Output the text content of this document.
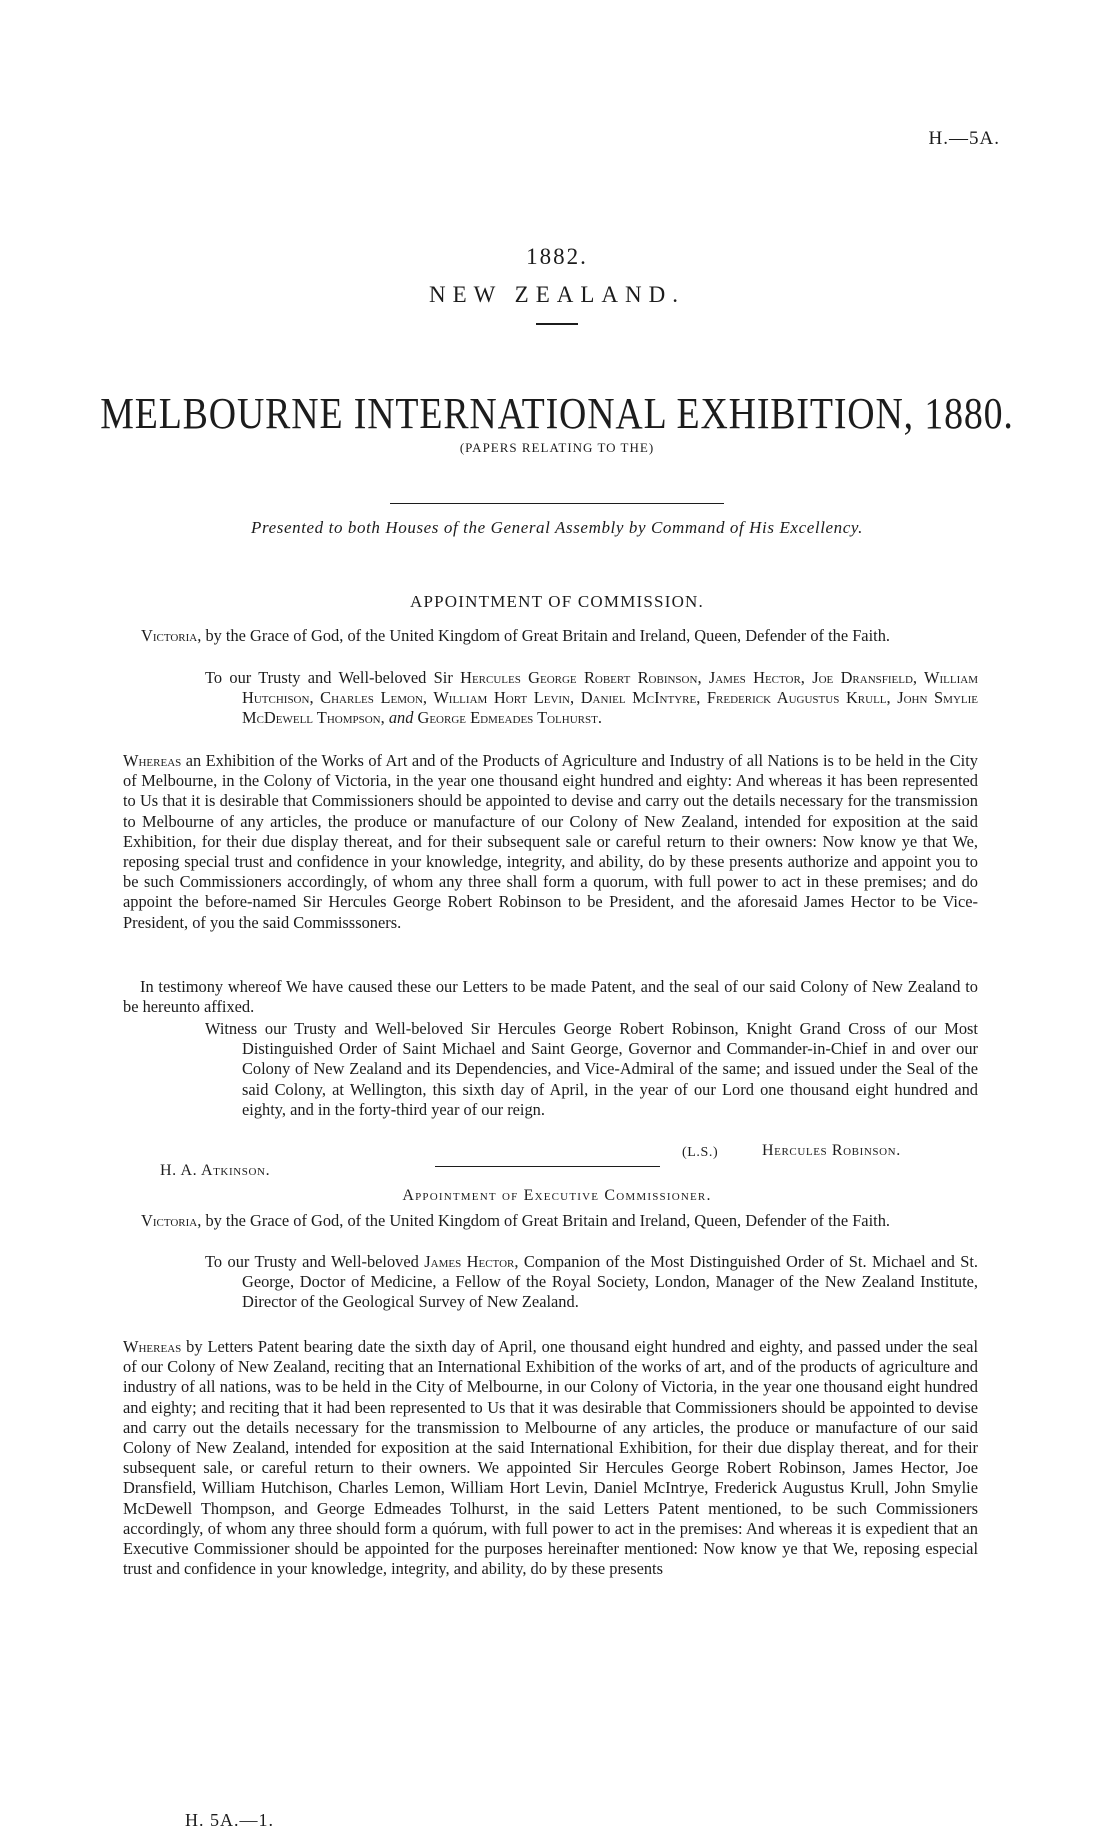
H.—5A.
1882.
NEW ZEALAND.
MELBOURNE INTERNATIONAL EXHIBITION, 1880.
(PAPERS RELATING TO THE)
Presented to both Houses of the General Assembly by Command of His Excellency.
APPOINTMENT OF COMMISSION.
Victoria, by the Grace of God, of the United Kingdom of Great Britain and Ireland, Queen, Defender of the Faith.
To our Trusty and Well-beloved Sir Hercules George Robert Robinson, James Hector, Joe Dransfield, William Hutchison, Charles Lemon, William Hort Levin, Daniel McIntyre, Frederick Augustus Krull, John Smylie McDewell Thompson, and George Edmeades Tolhurst.
Whereas an Exhibition of the Works of Art and of the Products of Agriculture and Industry of all Nations is to be held in the City of Melbourne, in the Colony of Victoria, in the year one thousand eight hundred and eighty: And whereas it has been represented to Us that it is desirable that Commissioners should be appointed to devise and carry out the details necessary for the transmission to Melbourne of any articles, the produce or manufacture of our Colony of New Zealand, intended for exposition at the said Exhibition, for their due display thereat, and for their subsequent sale or careful return to their owners: Now know ye that We, reposing special trust and confidence in your knowledge, integrity, and ability, do by these presents authorize and appoint you to be such Commissioners accordingly, of whom any three shall form a quorum, with full power to act in these premises; and do appoint the before-named Sir Hercules George Robert Robinson to be President, and the aforesaid James Hector to be Vice-President, of you the said Commisssoners.
In testimony whereof We have caused these our Letters to be made Patent, and the seal of our said Colony of New Zealand to be hereunto affixed.
Witness our Trusty and Well-beloved Sir Hercules George Robert Robinson, Knight Grand Cross of our Most Distinguished Order of Saint Michael and Saint George, Governor and Commander-in-Chief in and over our Colony of New Zealand and its Dependencies, and Vice-Admiral of the same; and issued under the Seal of the said Colony, at Wellington, this sixth day of April, in the year of our Lord one thousand eight hundred and eighty, and in the forty-third year of our reign.
(L.S.)	Hercules Robinson.
H. A. Atkinson.
Appointment of Executive Commissioner.
Victoria, by the Grace of God, of the United Kingdom of Great Britain and Ireland, Queen, Defender of the Faith.
To our Trusty and Well-beloved James Hector, Companion of the Most Distinguished Order of St. Michael and St. George, Doctor of Medicine, a Fellow of the Royal Society, London, Manager of the New Zealand Institute, Director of the Geological Survey of New Zealand.
Whereas by Letters Patent bearing date the sixth day of April, one thousand eight hundred and eighty, and passed under the seal of our Colony of New Zealand, reciting that an International Exhibition of the works of art, and of the products of agriculture and industry of all nations, was to be held in the City of Melbourne, in our Colony of Victoria, in the year one thousand eight hundred and eighty; and reciting that it had been represented to Us that it was desirable that Commissioners should be appointed to devise and carry out the details necessary for the transmission to Melbourne of any articles, the produce or manufacture of our said Colony of New Zealand, intended for exposition at the said International Exhibition, for their due display thereat, and for their subsequent sale, or careful return to their owners. We appointed Sir Hercules George Robert Robinson, James Hector, Joe Dransfield, William Hutchison, Charles Lemon, William Hort Levin, Daniel McIntrye, Frederick Augustus Krull, John Smylie McDewell Thompson, and George Edmeades Tolhurst, in the said Letters Patent mentioned, to be such Commissioners accordingly, of whom any three should form a quórum, with full power to act in the premises: And whereas it is expedient that an Executive Commissioner should be appointed for the purposes hereinafter mentioned: Now know ye that We, reposing especial trust and confidence in your knowledge, integrity, and ability, do by these presents
H. 5A.—1.
